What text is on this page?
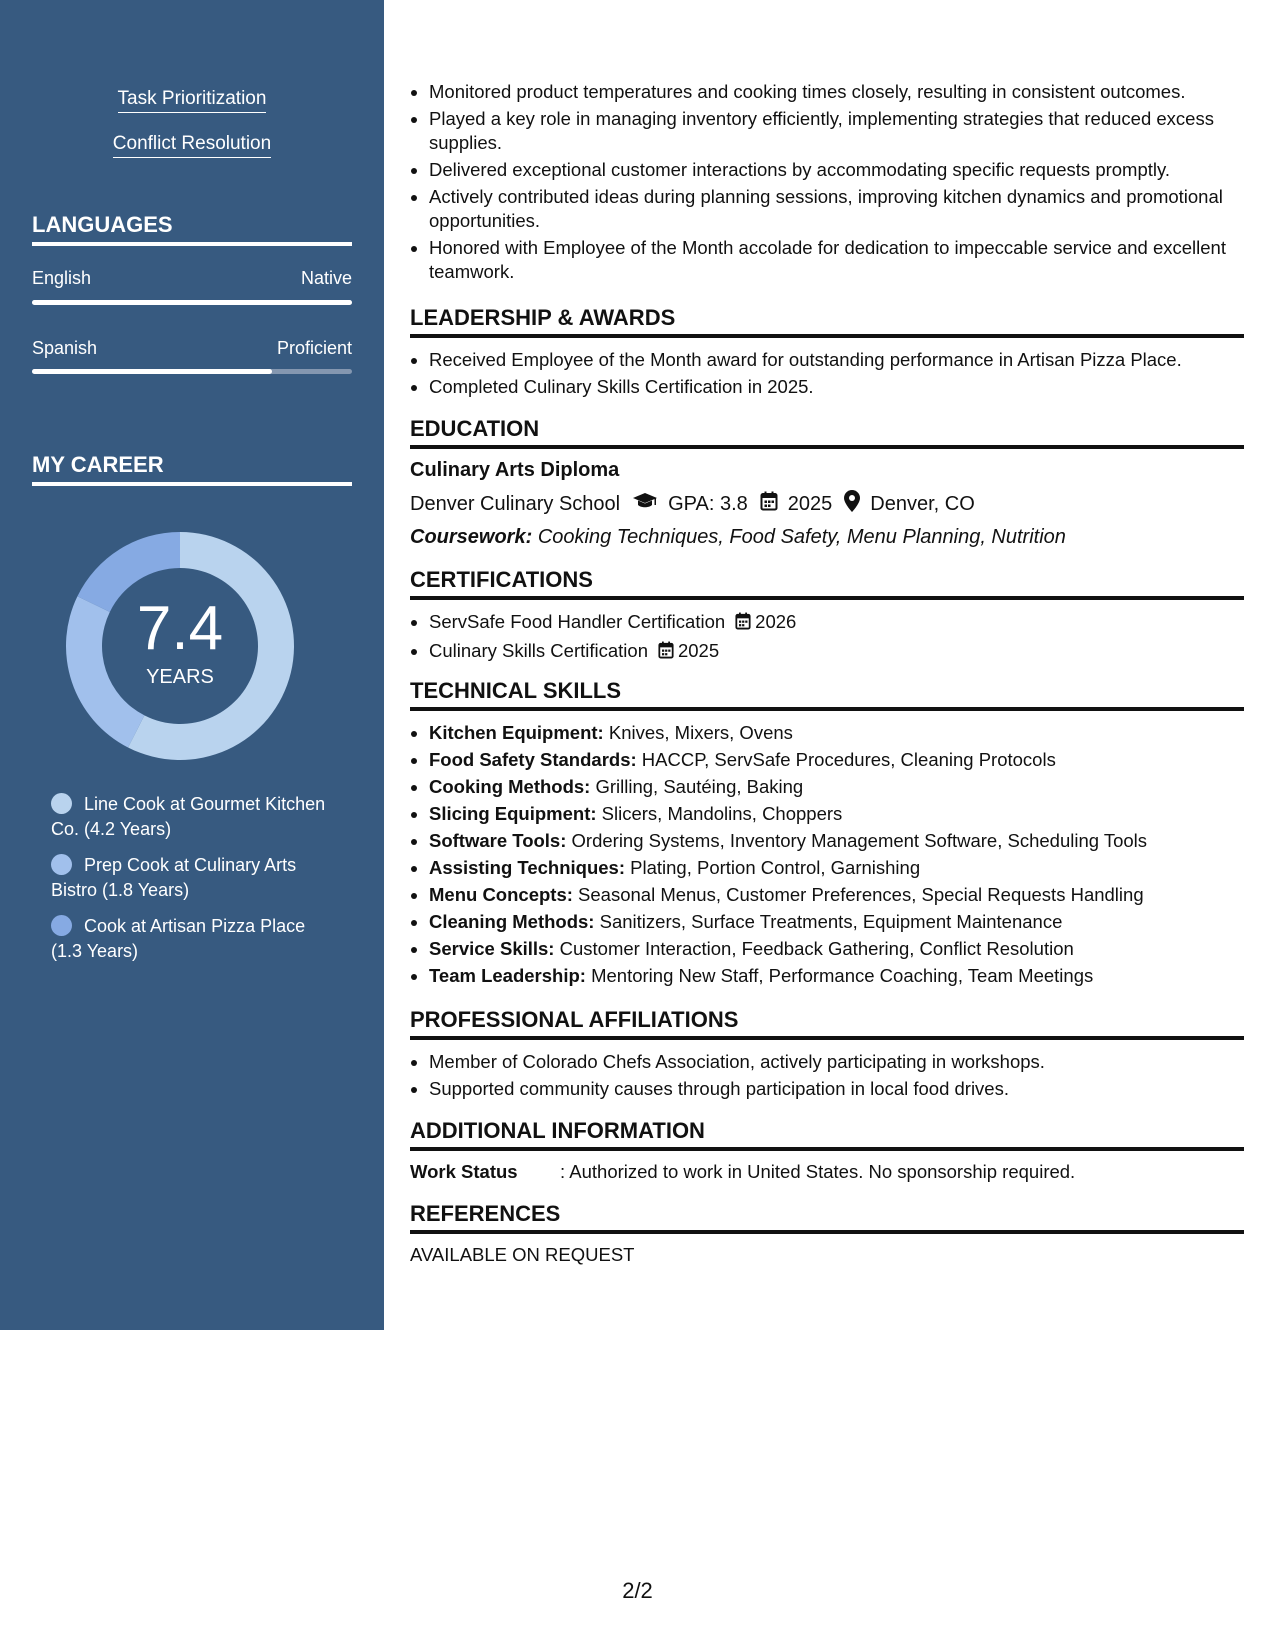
Task Prioritization
Conflict Resolution
LANGUAGES
English	Native
Spanish	Proficient
MY CAREER
7.4
YEARS
Line Cook at Gourmet Kitchen Co. (4.2 Years)
Prep Cook at Culinary Arts Bistro (1.8 Years)
Cook at Artisan Pizza Place (1.3 Years)
• Monitored product temperatures and cooking times closely, resulting in consistent outcomes.
• Played a key role in managing inventory efficiently, implementing strategies that reduced excess supplies.
• Delivered exceptional customer interactions by accommodating specific requests promptly.
• Actively contributed ideas during planning sessions, improving kitchen dynamics and promotional opportunities.
• Honored with Employee of the Month accolade for dedication to impeccable service and excellent teamwork.
LEADERSHIP & AWARDS
• Received Employee of the Month award for outstanding performance in Artisan Pizza Place.
• Completed Culinary Skills Certification in 2025.
EDUCATION
Culinary Arts Diploma
Denver Culinary School GPA: 3.8 2025 Denver, CO
Coursework: Cooking Techniques, Food Safety, Menu Planning, Nutrition
CERTIFICATIONS
• ServSafe Food Handler Certification 2026
• Culinary Skills Certification 2025
TECHNICAL SKILLS
• Kitchen Equipment: Knives, Mixers, Ovens
• Food Safety Standards: HACCP, ServSafe Procedures, Cleaning Protocols
• Cooking Methods: Grilling, Sautéing, Baking
• Slicing Equipment: Slicers, Mandolins, Choppers
• Software Tools: Ordering Systems, Inventory Management Software, Scheduling Tools
• Assisting Techniques: Plating, Portion Control, Garnishing
• Menu Concepts: Seasonal Menus, Customer Preferences, Special Requests Handling
• Cleaning Methods: Sanitizers, Surface Treatments, Equipment Maintenance
• Service Skills: Customer Interaction, Feedback Gathering, Conflict Resolution
• Team Leadership: Mentoring New Staff, Performance Coaching, Team Meetings
PROFESSIONAL AFFILIATIONS
• Member of Colorado Chefs Association, actively participating in workshops.
• Supported community causes through participation in local food drives.
ADDITIONAL INFORMATION
Work Status	: Authorized to work in United States. No sponsorship required.
REFERENCES
AVAILABLE ON REQUEST
2/2
